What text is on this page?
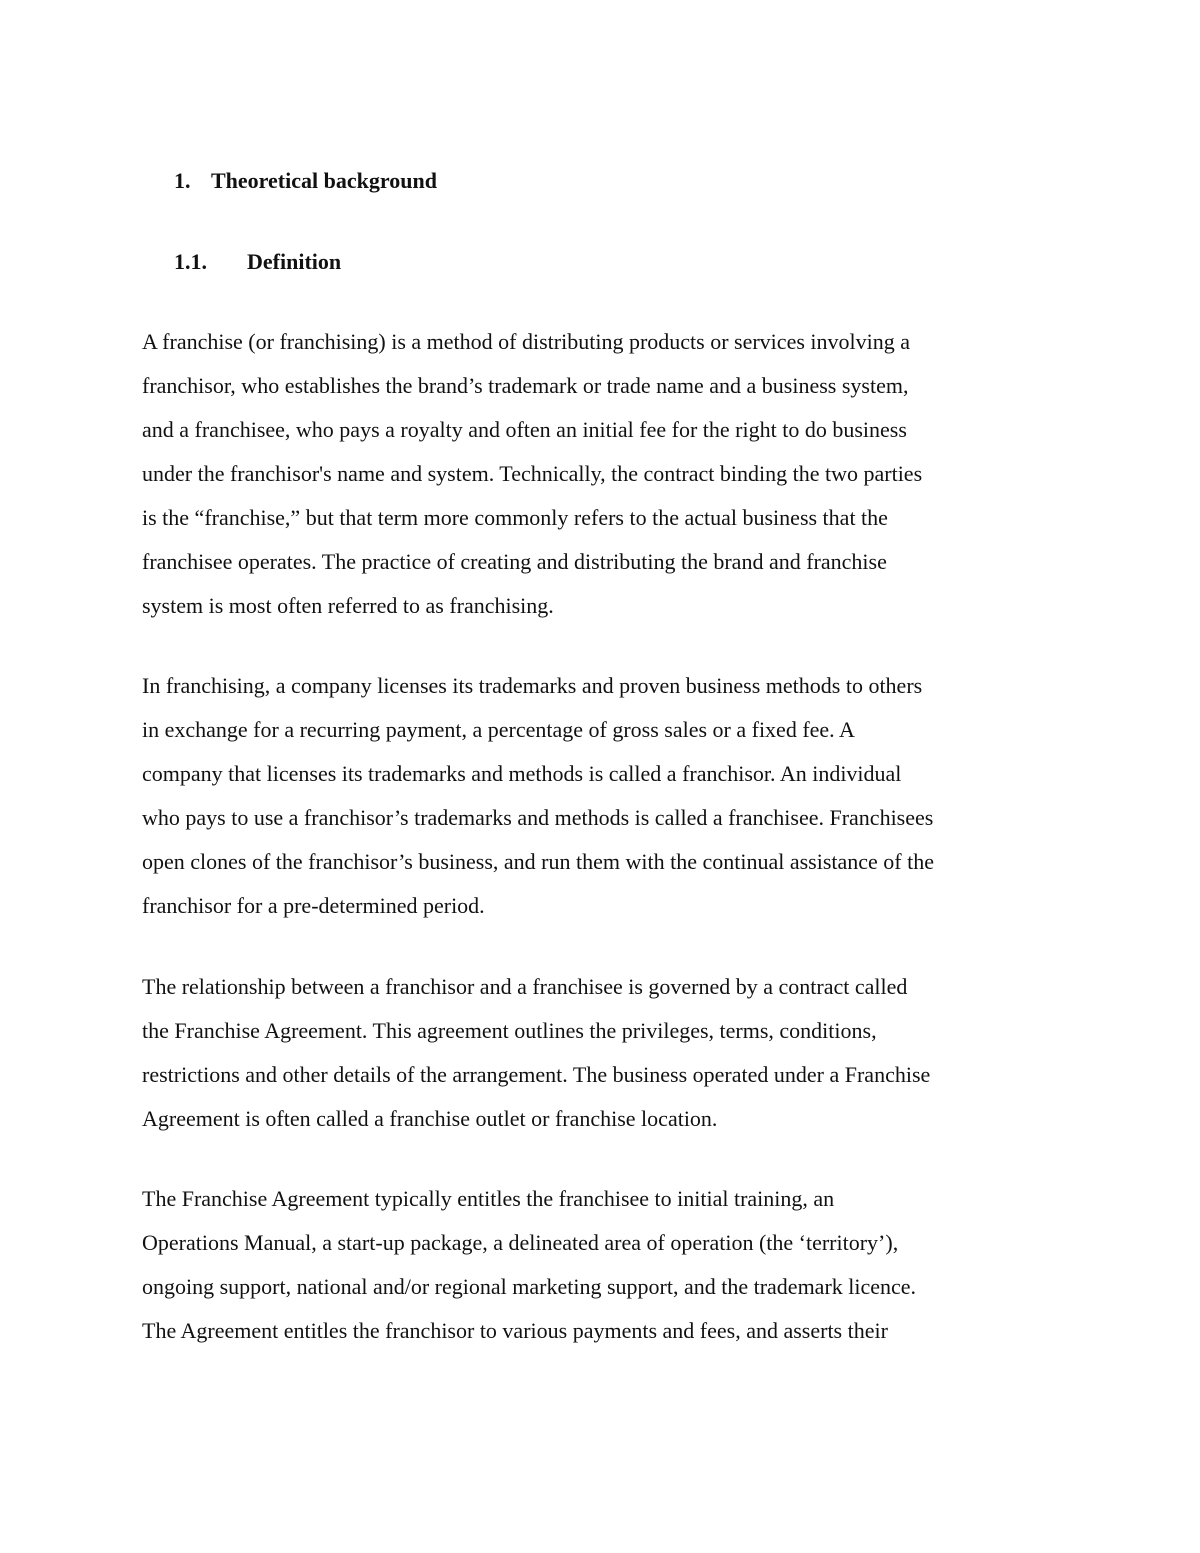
1. Theoretical background
1.1. Definition
A franchise (or franchising) is a method of distributing products or services involving a
franchisor, who establishes the brand’s trademark or trade name and a business system,
and a franchisee, who pays a royalty and often an initial fee for the right to do business
under the franchisor's name and system. Technically, the contract binding the two parties
is the “franchise,” but that term more commonly refers to the actual business that the
franchisee operates. The practice of creating and distributing the brand and franchise
system is most often referred to as franchising.
In franchising, a company licenses its trademarks and proven business methods to others
in exchange for a recurring payment, a percentage of gross sales or a fixed fee. A
company that licenses its trademarks and methods is called a franchisor. An individual
who pays to use a franchisor’s trademarks and methods is called a franchisee. Franchisees
open clones of the franchisor’s business, and run them with the continual assistance of the
franchisor for a pre-determined period.
The relationship between a franchisor and a franchisee is governed by a contract called
the Franchise Agreement. This agreement outlines the privileges, terms, conditions,
restrictions and other details of the arrangement. The business operated under a Franchise
Agreement is often called a franchise outlet or franchise location.
The Franchise Agreement typically entitles the franchisee to initial training, an
Operations Manual, a start-up package, a delineated area of operation (the ‘territory’),
ongoing support, national and/or regional marketing support, and the trademark licence.
The Agreement entitles the franchisor to various payments and fees, and asserts their
